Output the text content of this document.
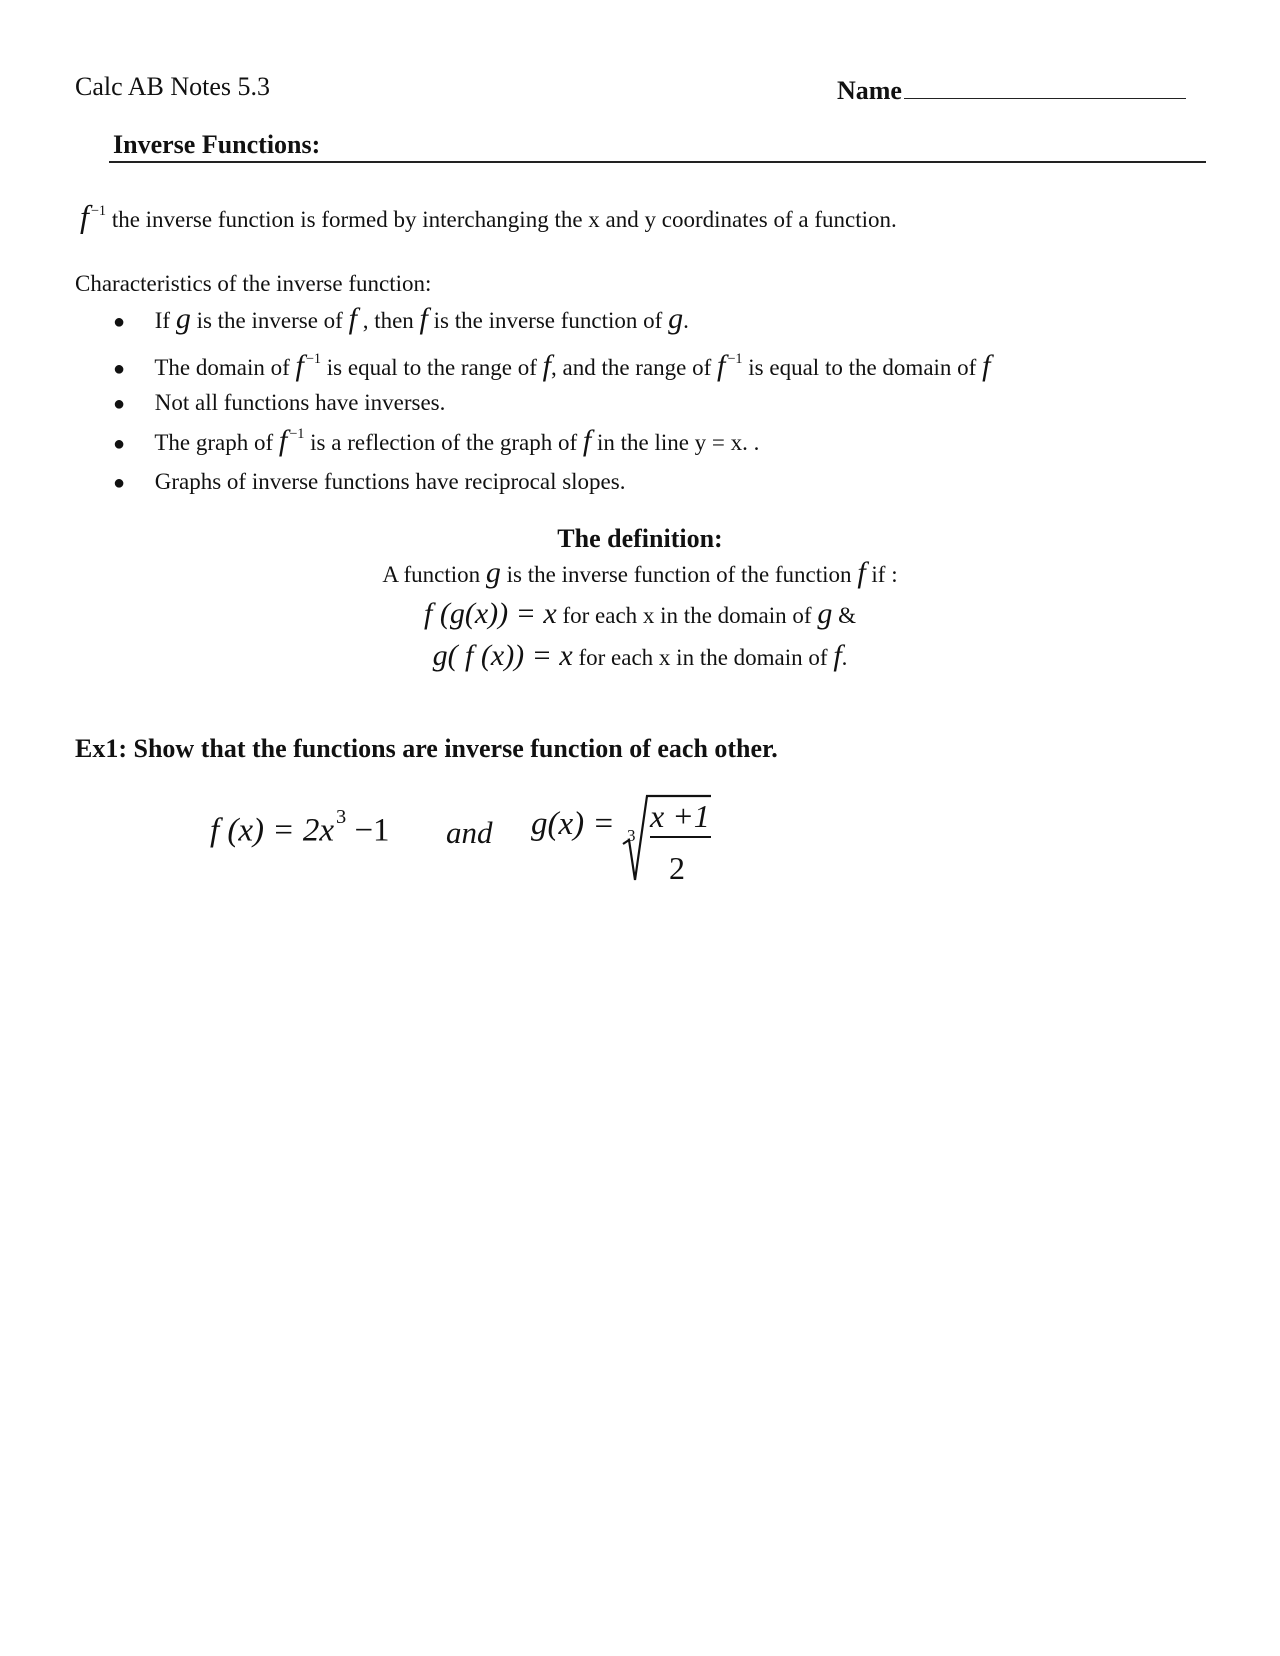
Calc AB Notes 5.3	Name
Inverse Functions:
f $^{-1}$ the inverse function is formed by interchanging the x and y coordinates of a function.
Characteristics of the inverse function:
● If g is the inverse of f , then f is the inverse function of g.
● The domain of f $^{-1}$ is equal to the range of f, and the range of f $^{-1}$ is equal to the domain of f
● Not all functions have inverses.
● The graph of f $^{-1}$ is a reflection of the graph of f in the line y = x. .
● Graphs of inverse functions have reciprocal slopes.
The definition:
A function g is the inverse function of the function f if :
f (g(x)) = x for each x in the domain of g &
g( f (x)) = x for each x in the domain of f.
Ex1: Show that the functions are inverse function of each other.
f $(x) = 2x^3 -1$ and g(x) = 3
x +1
2
